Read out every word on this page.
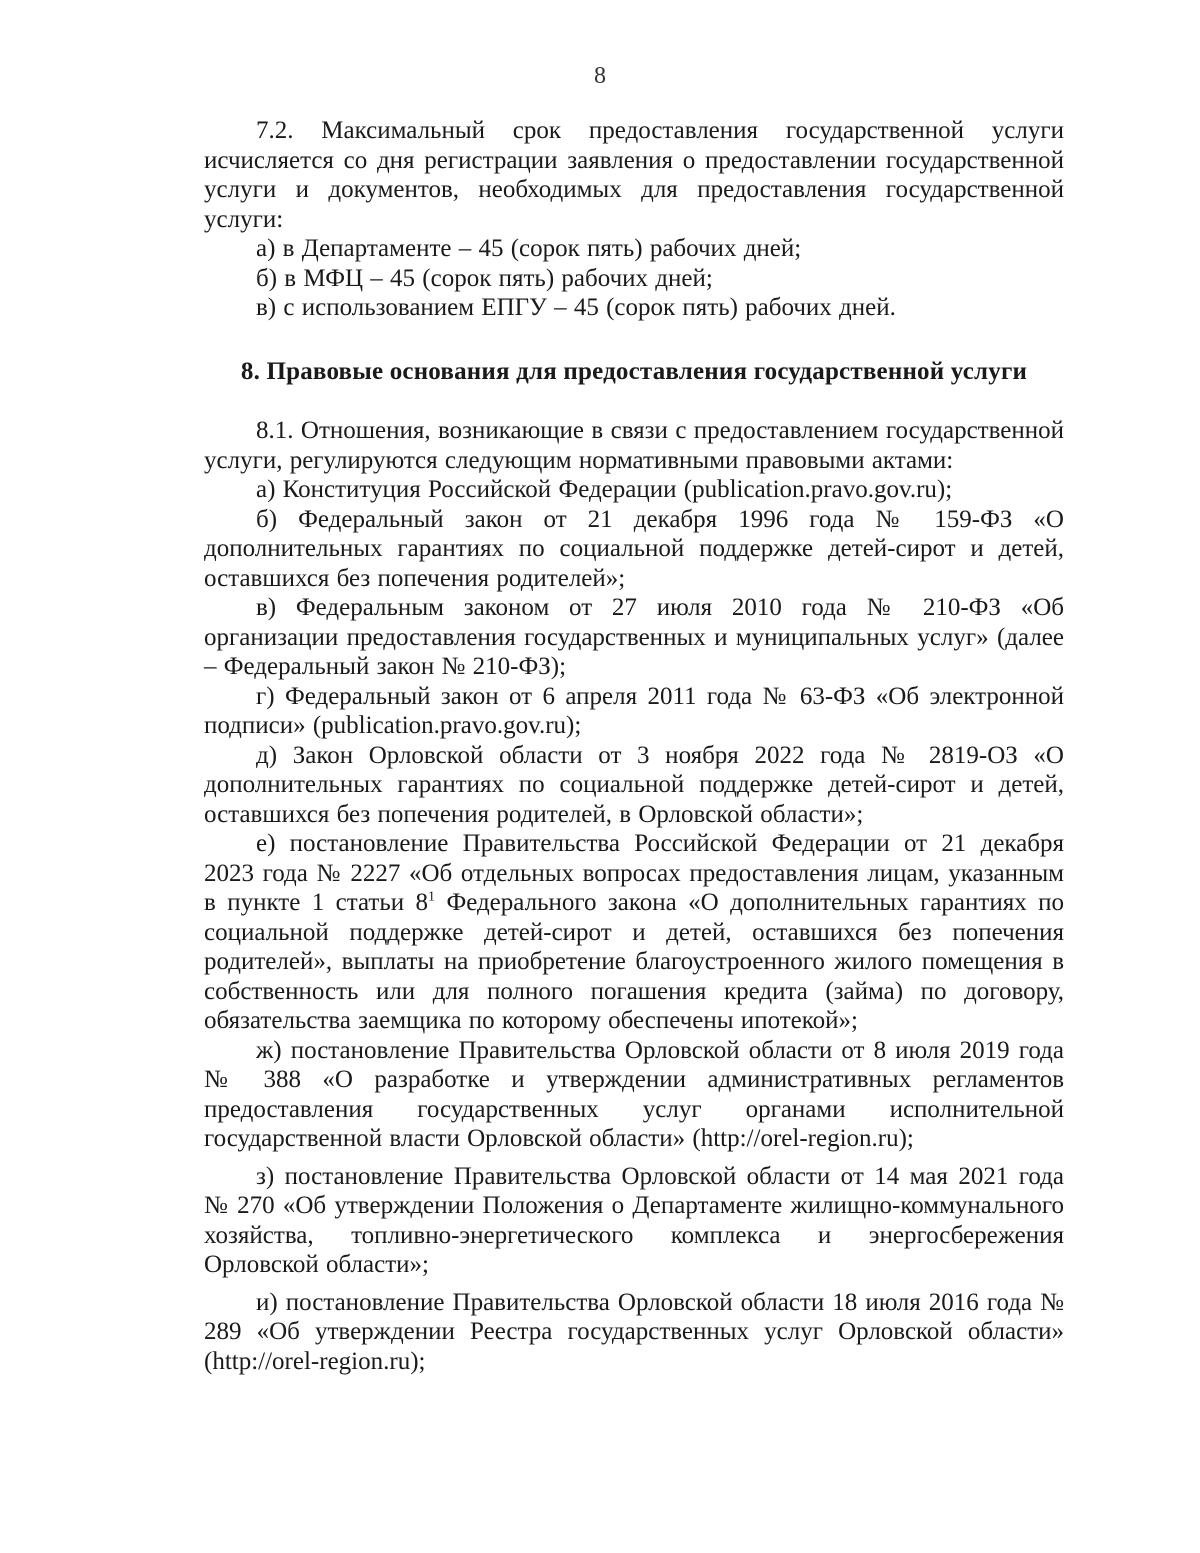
8

7.2. Максимальный срок предоставления государственной услуги исчисляется со дня регистрации заявления о предоставлении государственной услуги и документов, необходимых для предоставления государственной услуги:

а) в Департаменте – 45 (сорок пять) рабочих дней;

б) в МФЦ – 45 (сорок пять) рабочих дней;

в) с использованием ЕПГУ – 45 (сорок пять) рабочих дней.

8. Правовые основания для предоставления государственной услуги

8.1. Отношения, возникающие в связи с предоставлением государственной услуги, регулируются следующим нормативными правовыми актами:

а) Конституция Российской Федерации (publication.pravo.gov.ru);

б) Федеральный закон от 21 декабря 1996 года № 159-ФЗ «О дополнительных гарантиях по социальной поддержке детей-сирот и детей, оставшихся без попечения родителей»;

в) Федеральным законом от 27 июля 2010 года № 210-ФЗ «Об организации предоставления государственных и муниципальных услуг» (далее – Федеральный закон № 210-ФЗ);

г) Федеральный закон от 6 апреля 2011 года № 63-ФЗ «Об электронной подписи» (publication.pravo.gov.ru);

д) Закон Орловской области от 3 ноября 2022 года № 2819-ОЗ «О дополнительных гарантиях по социальной поддержке детей-сирот и детей, оставшихся без попечения родителей, в Орловской области»;

е) постановление Правительства Российской Федерации от 21 декабря 2023 года № 2227 «Об отдельных вопросах предоставления лицам, указанным в пункте 1 статьи $8^1$ Федерального закона «О дополнительных гарантиях по социальной поддержке детей-сирот и детей, оставшихся без попечения родителей», выплаты на приобретение благоустроенного жилого помещения в собственность или для полного погашения кредита (займа) по договору, обязательства заемщика по которому обеспечены ипотекой»;

ж) постановление Правительства Орловской области от 8 июля 2019 года № 388 «О разработке и утверждении административных регламентов предоставления государственных услуг органами исполнительной государственной власти Орловской области» (http://orel-region.ru);

з) постановление Правительства Орловской области от 14 мая 2021 года № 270 «Об утверждении Положения о Департаменте жилищно-коммунального хозяйства, топливно-энергетического комплекса и энергосбережения Орловской области»;

и) постановление Правительства Орловской области 18 июля 2016 года № 289 «Об утверждении Реестра государственных услуг Орловской области» (http://orel-region.ru);
